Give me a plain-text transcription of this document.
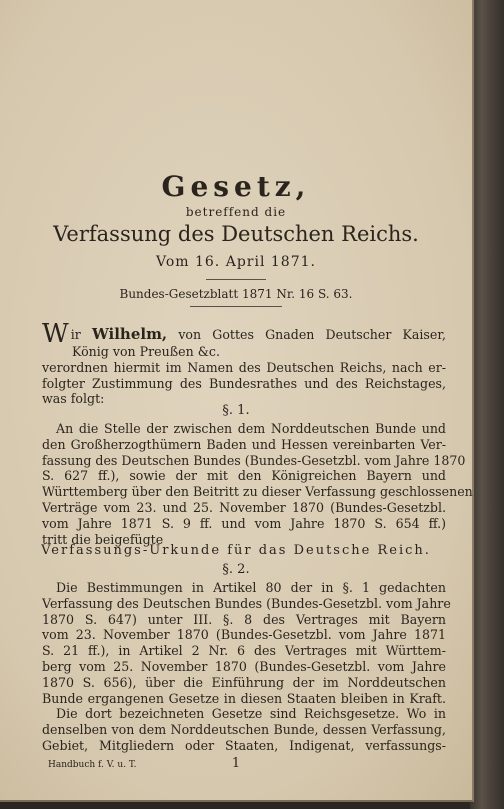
Gesetz,
betreffend die
Verfassung des Deutschen Reichs.
Vom 16. April 1871.
Bundes-Gesetzblatt 1871 Nr. 16 S. 63.
Wir Wilhelm, von Gottes Gnaden Deutscher Kaiser,
König von Preußen &c.
verordnen hiermit im Namen des Deutschen Reichs, nach er-
folgter Zustimmung des Bundesrathes und des Reichstages,
was folgt:
§. 1.
An die Stelle der zwischen dem Norddeutschen Bunde und
den Großherzogthümern Baden und Hessen vereinbarten Ver-
fassung des Deutschen Bundes (Bundes-Gesetzbl. vom Jahre 1870
S. 627 ff.), sowie der mit den Königreichen Bayern und
Württemberg über den Beitritt zu dieser Verfassung geschlossenen
Verträge vom 23. und 25. November 1870 (Bundes-Gesetzbl.
vom Jahre 1871 S. 9 ff. und vom Jahre 1870 S. 654 ff.)
tritt die beigefügte
Verfassungs-Urkunde für das Deutsche Reich.
§. 2.
Die Bestimmungen in Artikel 80 der in §. 1 gedachten
Verfassung des Deutschen Bundes (Bundes-Gesetzbl. vom Jahre
1870 S. 647) unter III. §. 8 des Vertrages mit Bayern
vom 23. November 1870 (Bundes-Gesetzbl. vom Jahre 1871
S. 21 ff.), in Artikel 2 Nr. 6 des Vertrages mit Württem-
berg vom 25. November 1870 (Bundes-Gesetzbl. vom Jahre
1870 S. 656), über die Einführung der im Norddeutschen
Bunde ergangenen Gesetze in diesen Staaten bleiben in Kraft.
Die dort bezeichneten Gesetze sind Reichsgesetze. Wo in
denselben von dem Norddeutschen Bunde, dessen Verfassung,
Gebiet, Mitgliedern oder Staaten, Indigenat, verfassungs-
Handbuch f. V. u. T.	1
